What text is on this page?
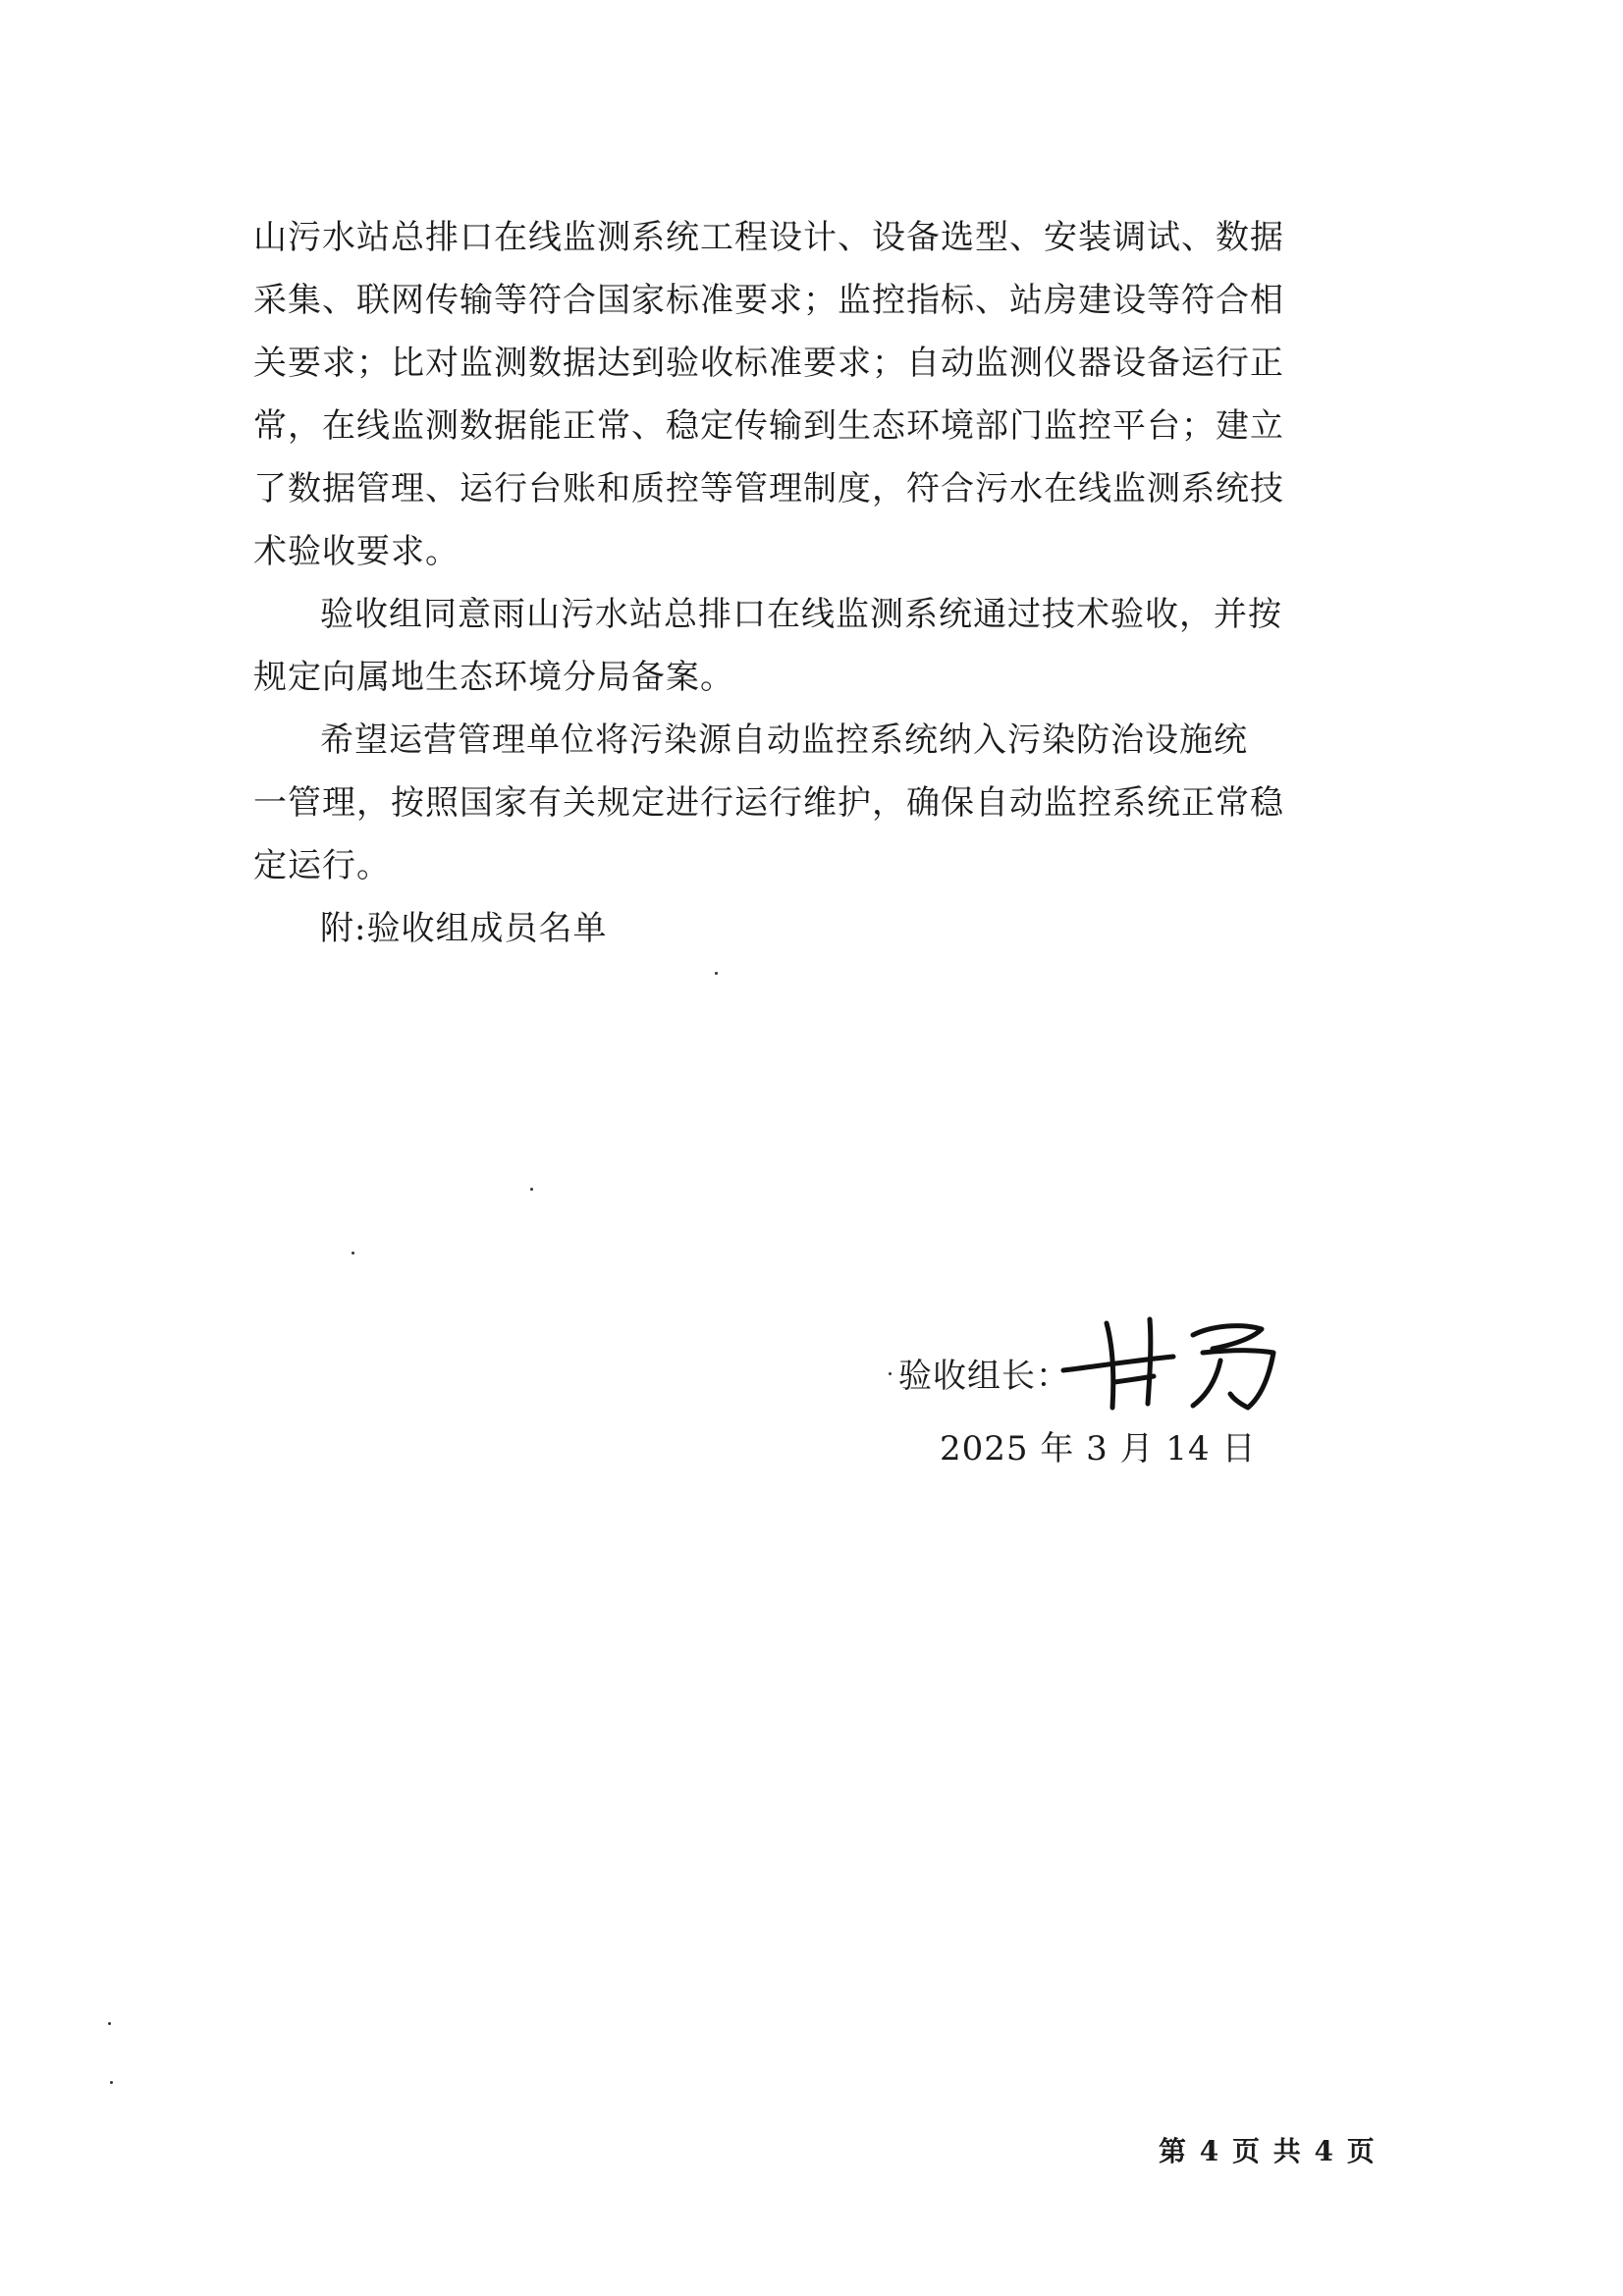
山污水站总排口在线监测系统工程设计、设备选型、安装调试、数据
采集、联网传输等符合国家标准要求；监控指标、站房建设等符合相
关要求；比对监测数据达到验收标准要求；自动监测仪器设备运行正
常，在线监测数据能正常、稳定传输到生态环境部门监控平台；建立
了数据管理、运行台账和质控等管理制度，符合污水在线监测系统技
术验收要求。

验收组同意雨山污水站总排口在线监测系统通过技术验收，并按
规定向属地生态环境分局备案。

希望运营管理单位将污染源自动监控系统纳入污染防治设施统
一管理，按照国家有关规定进行运行维护，确保自动监控系统正常稳
定运行。

附:验收组成员名单

验收组长：
2025 年 3 月 14 日
第 4 页 共 4 页
